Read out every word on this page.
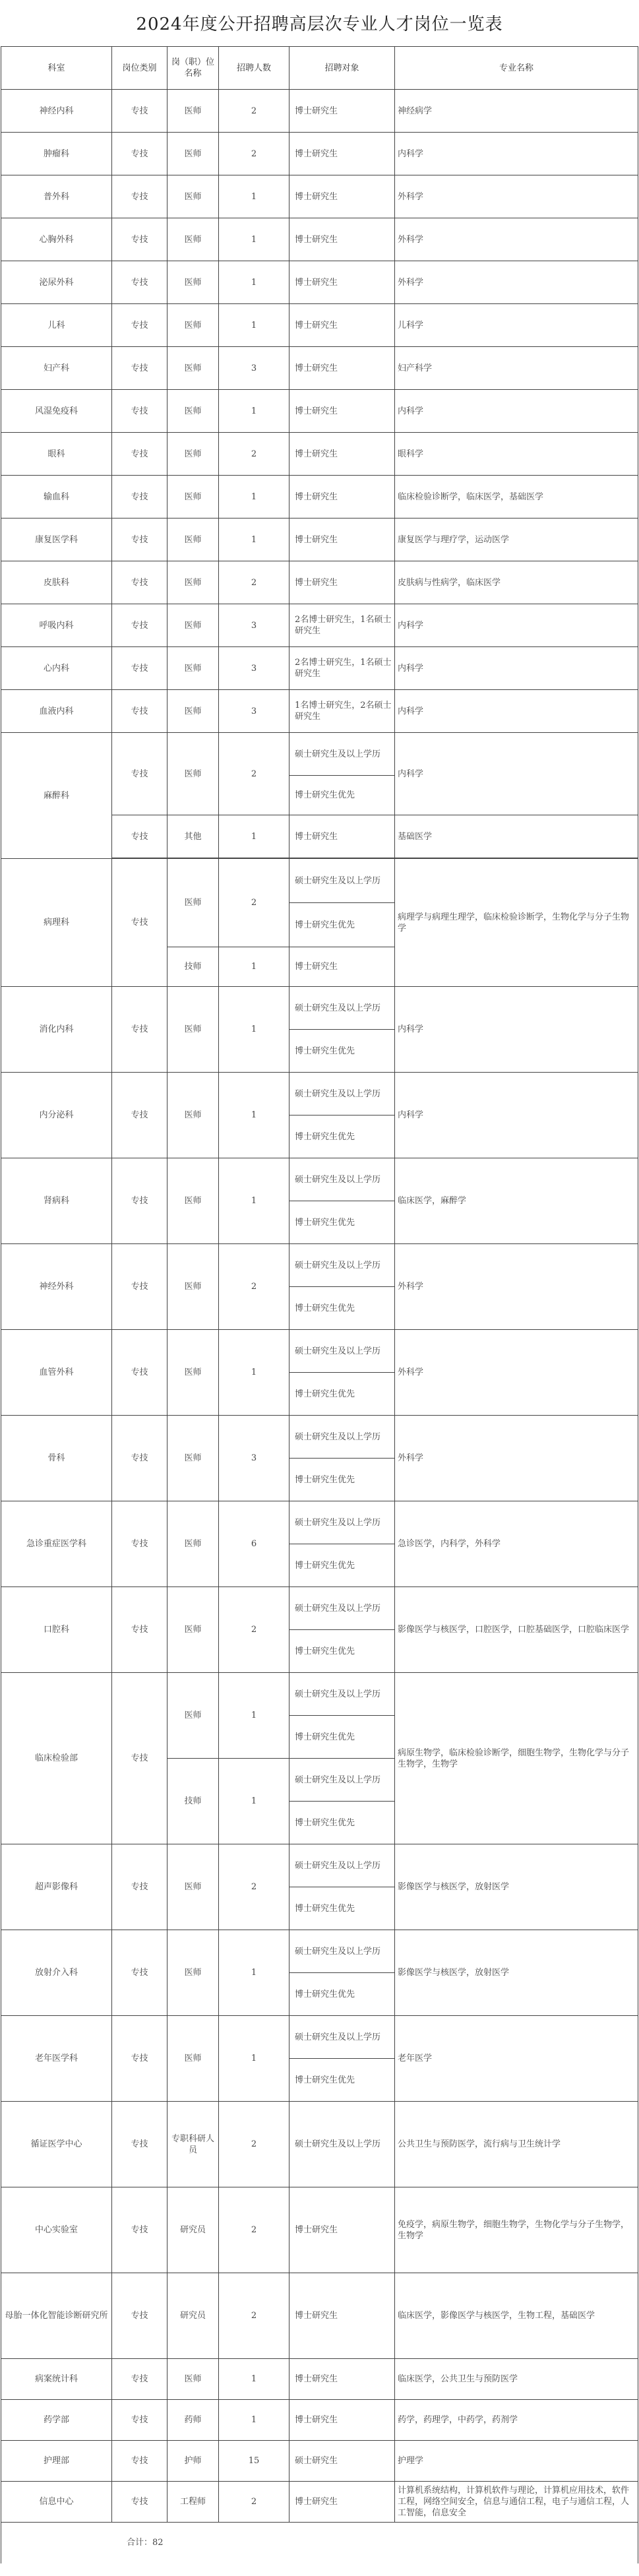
2024年度公开招聘高层次专业人才岗位一览表
科室	岗位类别	岗（职）位名称	招聘人数	招聘对象	专业名称
神经内科	专技	医师	2	博士研究生	神经病学
肿瘤科	专技	医师	2	博士研究生	内科学
普外科	专技	医师	1	博士研究生	外科学
心胸外科	专技	医师	1	博士研究生	外科学
泌尿外科	专技	医师	1	博士研究生	外科学
儿科	专技	医师	1	博士研究生	儿科学
妇产科	专技	医师	3	博士研究生	妇产科学
风湿免疫科	专技	医师	1	博士研究生	内科学
眼科	专技	医师	2	博士研究生	眼科学
输血科	专技	医师	1	博士研究生	临床检验诊断学，临床医学，基础医学
康复医学科	专技	医师	1	博士研究生	康复医学与理疗学，运动医学
皮肤科	专技	医师	2	博士研究生	皮肤病与性病学，临床医学
呼吸内科	专技	医师	3	2名博士研究生，1名硕士研究生	内科学
心内科	专技	医师	3	2名博士研究生，1名硕士研究生	内科学
血液内科	专技	医师	3	1名博士研究生，2名硕士研究生	内科学
麻醉科	专技	医师	2	硕士研究生及以上学历	内科学
				博士研究生优先	
	专技	其他	1	博士研究生	基础医学

病理科	专技	医师	2	硕士研究生及以上学历	病理学与病理生理学，临床检验诊断学，生物化学与分子生物学
				博士研究生优先	
		技师	1	博士研究生	
消化内科	专技	医师	1	硕士研究生及以上学历	内科学
				博士研究生优先	
内分泌科	专技	医师	1	硕士研究生及以上学历	内科学
				博士研究生优先	
肾病科	专技	医师	1	硕士研究生及以上学历	临床医学，麻醉学
				博士研究生优先	
神经外科	专技	医师	2	硕士研究生及以上学历	外科学
				博士研究生优先	
血管外科	专技	医师	1	硕士研究生及以上学历	外科学
				博士研究生优先	
骨科	专技	医师	3	硕士研究生及以上学历	外科学
				博士研究生优先	
急诊重症医学科	专技	医师	6	硕士研究生及以上学历	急诊医学，内科学，外科学
				博士研究生优先	
口腔科	专技	医师	2	硕士研究生及以上学历	影像医学与核医学，口腔医学，口腔基础医学，口腔临床医学
				博士研究生优先	
临床检验部	专技	医师	1	硕士研究生及以上学历	病原生物学，临床检验诊断学，细胞生物学，生物化学与分子生物学，生物学
				博士研究生优先	
		技师	1	硕士研究生及以上学历	
				博士研究生优先	
超声影像科	专技	医师	2	硕士研究生及以上学历	影像医学与核医学，放射医学
				博士研究生优先	
放射介入科	专技	医师	1	硕士研究生及以上学历	影像医学与核医学，放射医学
				博士研究生优先	
老年医学科	专技	医师	1	硕士研究生及以上学历	老年医学
				博士研究生优先	
循证医学中心	专技	专职科研人员	2	硕士研究生及以上学历	公共卫生与预防医学，流行病与卫生统计学
中心实验室	专技	研究员	2	博士研究生	免疫学，病原生物学，细胞生物学，生物化学与分子生物学，生物学
母胎一体化智能诊断研究所	专技	研究员	2	博士研究生	临床医学，影像医学与核医学，生物工程，基础医学
病案统计科	专技	医师	1	博士研究生	临床医学，公共卫生与预防医学
药学部	专技	药师	1	博士研究生	药学，药理学，中药学，药剂学
护理部	专技	护师	15	硕士研究生	护理学
信息中心	专技	工程师	2	博士研究生	计算机系统结构，计算机软件与理论，计算机应用技术，软件工程，网络空间安全，信息与通信工程，电子与通信工程，人工智能，信息安全
合计：82					
